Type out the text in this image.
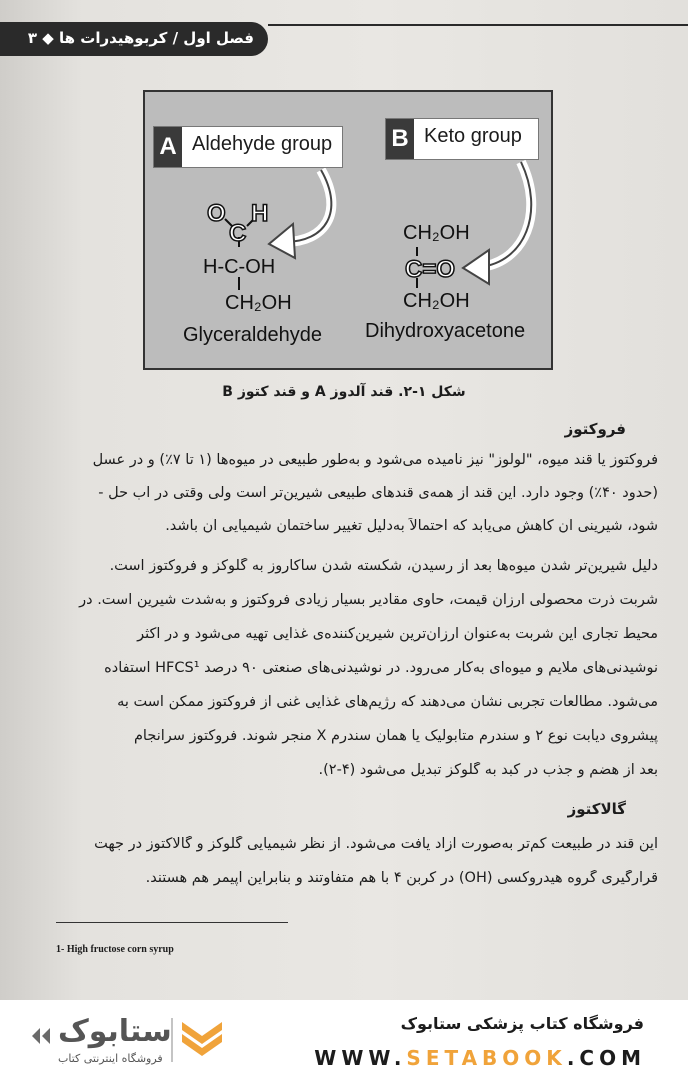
فصل اول / کربوهیدرات ها ◆ ۳
A Aldehyde group B Keto group
O H
C
H-C-OH
CH₂OH
Glyceraldehyde
CH₂OH
C=O
CH₂OH
Dihydroxyacetone
شکل ۱-۲. قند آلدوز A و قند کتوز B
فروکتوز
فروکتوز یا قند میوه، "لولوز" نیز نامیده می‌شود و به‌طور طبیعی در میوه‌ها (۱ تا ۷٪) و در عسل
(حدود ۴۰٪) وجود دارد. این قند از همه‌ی قندهای طبیعی شیرین‌تر است ولی وقتی در آب حل -
شود، شیرینی آن کاهش می‌یابد که احتمالاً به‌دلیل تغییر ساختمان شیمیایی آن باشد.
دلیل شیرین‌تر شدن میوه‌ها بعد از رسیدن، شکسته شدن ساکاروز به گلوکز و فروکتوز است.
شربت ذرت محصولی ارزان قیمت، حاوی مقادیر بسیار زیادی فروکتوز و به‌شدت شیرین است. در
محیط تجاری این شربت به‌عنوان ارزان‌ترین شیرین‌کننده‌ی غذایی تهیه می‌شود و در اکثر
نوشیدنی‌های ملایم و میوه‌ای به‌کار می‌رود. در نوشیدنی‌های صنعتی ۹۰ درصد HFCS¹ استفاده
می‌شود. مطالعات تجربی نشان می‌دهند که رژیم‌های غذایی غنی از فروکتوز ممکن است به
پیشروی دیابت نوع ۲ و سندرم متابولیک یا همان سندرم X منجر شوند. فروکتوز سرانجام
بعد از هضم و جذب در کبد به گلوکز تبدیل می‌شود (۴-۲).
گالاکتوز
این قند در طبیعت کم‌تر به‌صورت آزاد یافت می‌شود. از نظر شیمیایی گلوکز و گالاکتوز در جهت
قرارگیری گروه هیدروکسی (OH) در کربن ۴ با هم متفاوتند و بنابراین اپیمر هم هستند.
1- High fructose corn syrup
ستابوک
فروشگاه اینترنتی کتاب
فروشگاه کتاب پزشکی ستابوک
WWW.SETABOOK.COM
